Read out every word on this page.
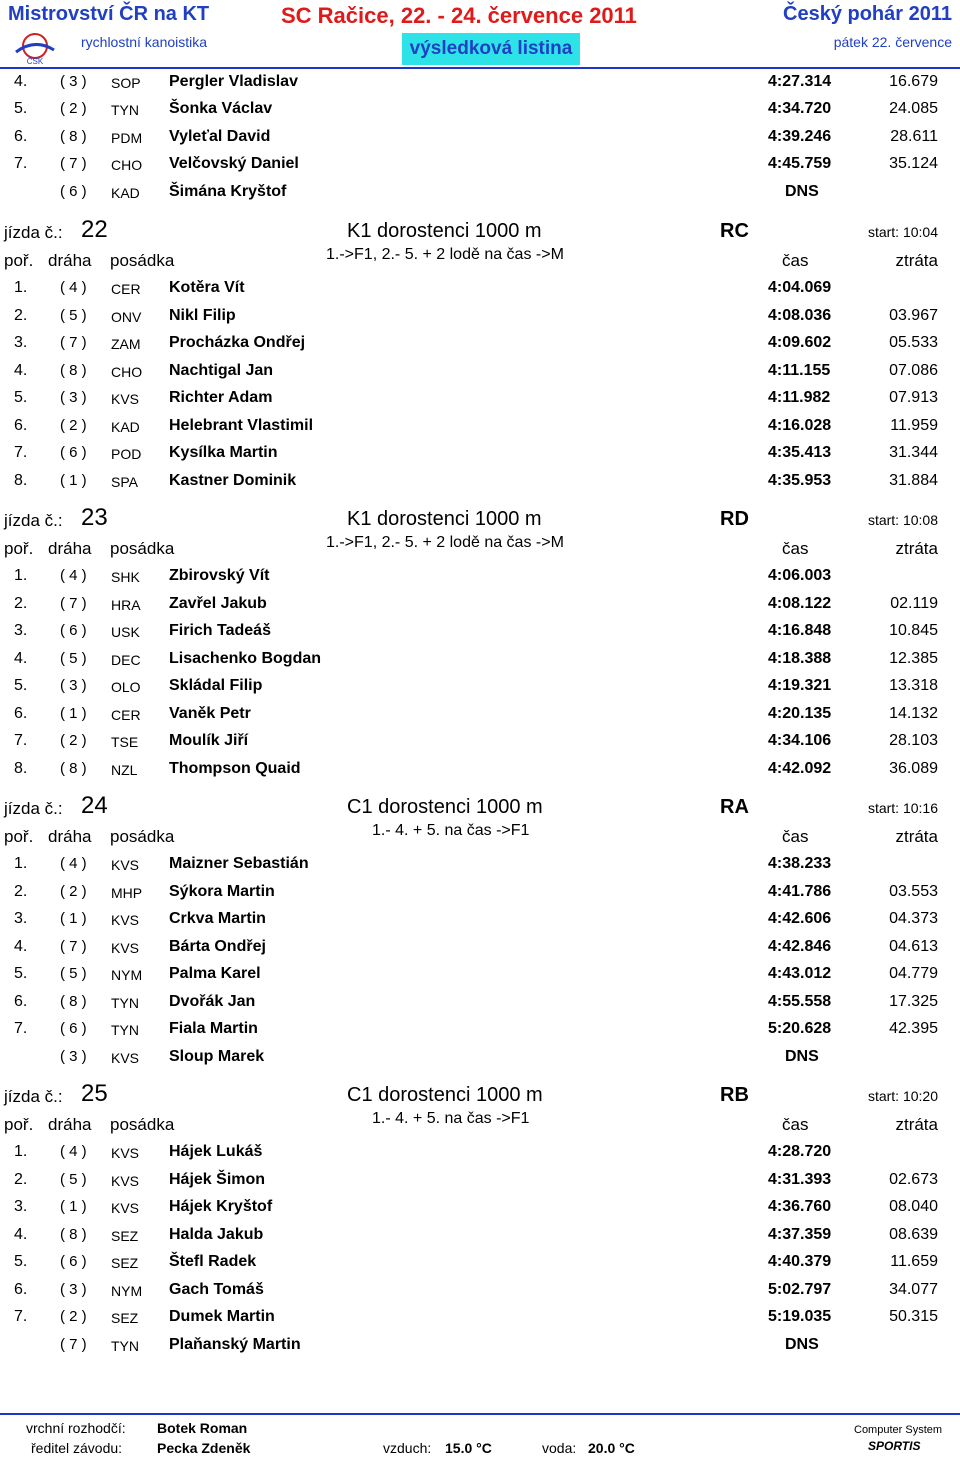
ČSK
Mistrovství ČR na KT	SC Račice, 22. - 24. července 2011	Český pohár 2011
rychlostní kanoistika	výsledková listina	pátek 22. července
4. ( 3 ) SOP Pergler Vladislav	4:27.314	16.679
5. ( 2 ) TYN Šonka Václav	4:34.720	24.085
6. ( 8 ) PDM Vyleťal David	4:39.246	28.611
7. ( 7 ) CHO Velčovský Daniel	4:45.759	35.124
( 6 ) KAD Šimána Kryštof	DNS
jízda č.: 22	K1 dorostenci 1000 m	RC	start: 10:04
poř. dráha posádka	1.->F1, 2.- 5. + 2 lodě na čas ->M	čas	ztráta
1. ( 4 ) CER Kotěra Vít	4:04.069
2. ( 5 ) ONV Nikl Filip	4:08.036	03.967
3. ( 7 ) ZAM Procházka Ondřej	4:09.602	05.533
4. ( 8 ) CHO Nachtigal Jan	4:11.155	07.086
5. ( 3 ) KVS Richter Adam	4:11.982	07.913
6. ( 2 ) KAD Helebrant Vlastimil	4:16.028	11.959
7. ( 6 ) POD Kysílka Martin	4:35.413	31.344
8. ( 1 ) SPA Kastner Dominik	4:35.953	31.884
jízda č.: 23	K1 dorostenci 1000 m	RD	start: 10:08
poř. dráha posádka	1.->F1, 2.- 5. + 2 lodě na čas ->M	čas	ztráta
1. ( 4 ) SHK Zbirovský Vít	4:06.003
2. ( 7 ) HRA Zavřel Jakub	4:08.122	02.119
3. ( 6 ) USK Firich Tadeáš	4:16.848	10.845
4. ( 5 ) DEC Lisachenko Bogdan	4:18.388	12.385
5. ( 3 ) OLO Skládal Filip	4:19.321	13.318
6. ( 1 ) CER Vaněk Petr	4:20.135	14.132
7. ( 2 ) TSE Moulík Jiří	4:34.106	28.103
8. ( 8 ) NZL Thompson Quaid	4:42.092	36.089
jízda č.: 24	C1 dorostenci 1000 m	RA	start: 10:16
poř. dráha posádka	1.- 4. + 5. na čas ->F1	čas	ztráta
1. ( 4 ) KVS Maizner Sebastián	4:38.233
2. ( 2 ) MHP Sýkora Martin	4:41.786	03.553
3. ( 1 ) KVS Crkva Martin	4:42.606	04.373
4. ( 7 ) KVS Bárta Ondřej	4:42.846	04.613
5. ( 5 ) NYM Palma Karel	4:43.012	04.779
6. ( 8 ) TYN Dvořák Jan	4:55.558	17.325
7. ( 6 ) TYN Fiala Martin	5:20.628	42.395
( 3 ) KVS Sloup Marek	DNS
jízda č.: 25	C1 dorostenci 1000 m	RB	start: 10:20
poř. dráha posádka	1.- 4. + 5. na čas ->F1	čas	ztráta
1. ( 4 ) KVS Hájek Lukáš	4:28.720
2. ( 5 ) KVS Hájek Šimon	4:31.393	02.673
3. ( 1 ) KVS Hájek Kryštof	4:36.760	08.040
4. ( 8 ) SEZ Halda Jakub	4:37.359	08.639
5. ( 6 ) SEZ Štefl Radek	4:40.379	11.659
6. ( 3 ) NYM Gach Tomáš	5:02.797	34.077
7. ( 2 ) SEZ Dumek Martin	5:19.035	50.315
( 7 ) TYN Plaňanský Martin	DNS
vrchní rozhodčí: Botek Roman
ředitel závodu: Pecka Zdeněk	vzduch: 15.0 °C	voda: 20.0 °C
Computer System
SPORTIS
